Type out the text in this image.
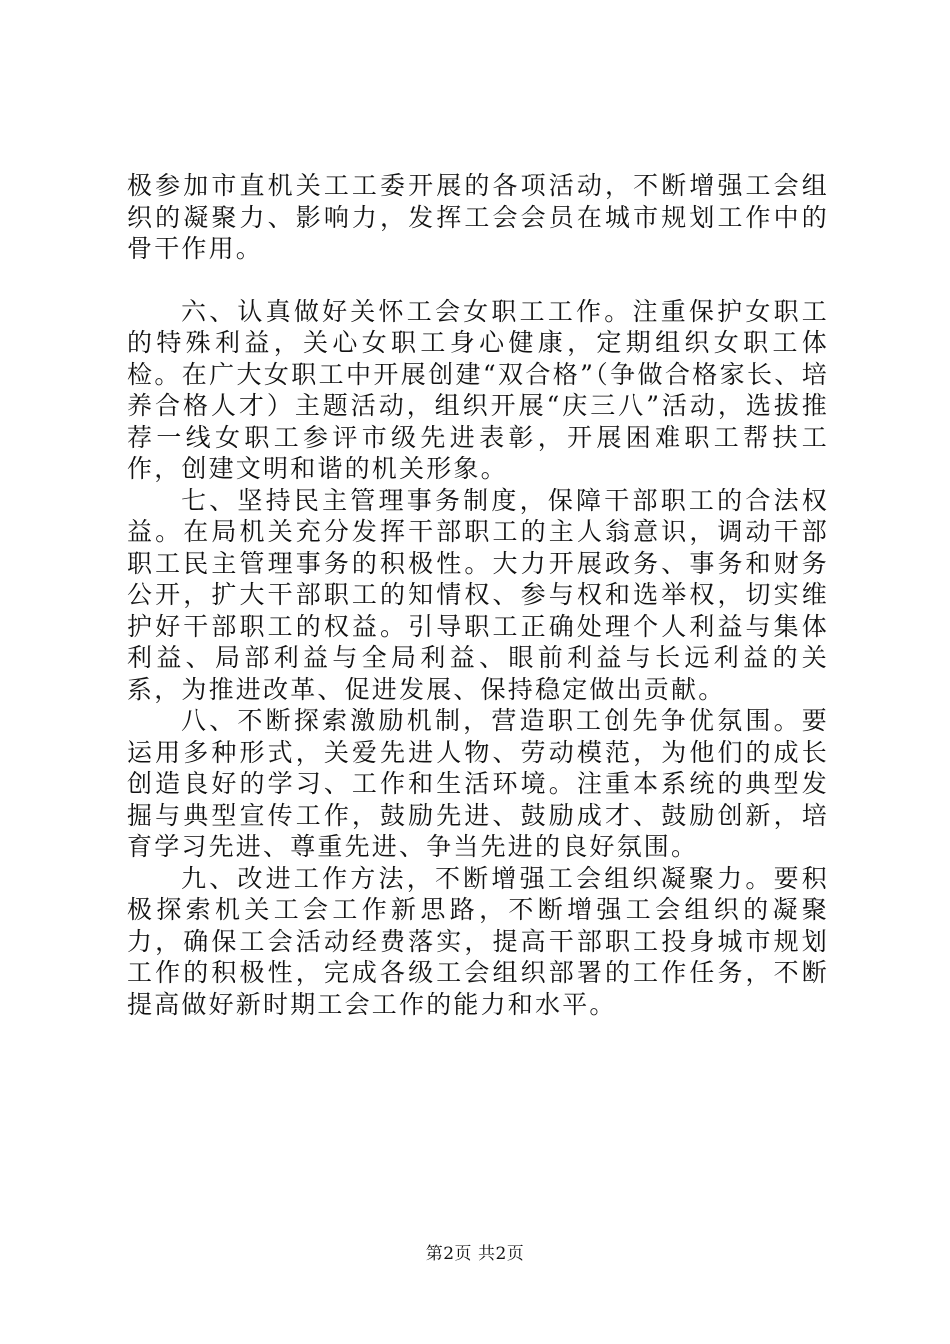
极参加市直机关工工委开展的各项活动，不断增强工会组织的凝聚力、影响力，发挥工会会员在城市规划工作中的骨干作用。

六、认真做好关怀工会女职工工作。注重保护女职工的特殊利益，关心女职工身心健康，定期组织女职工体检。在广大女职工中开展创建“双合格”（争做合格家长、培养合格人才）主题活动，组织开展“庆三八”活动，选拔推荐一线女职工参评市级先进表彰，开展困难职工帮扶工作，创建文明和谐的机关形象。

七、坚持民主管理事务制度，保障干部职工的合法权益。在局机关充分发挥干部职工的主人翁意识，调动干部职工民主管理事务的积极性。大力开展政务、事务和财务公开，扩大干部职工的知情权、参与权和选举权，切实维护好干部职工的权益。引导职工正确处理个人利益与集体利益、局部利益与全局利益、眼前利益与长远利益的关系，为推进改革、促进发展、保持稳定做出贡献。

八、不断探索激励机制，营造职工创先争优氛围。要运用多种形式，关爱先进人物、劳动模范，为他们的成长创造良好的学习、工作和生活环境。注重本系统的典型发掘与典型宣传工作，鼓励先进、鼓励成才、鼓励创新，培育学习先进、尊重先进、争当先进的良好氛围。

九、改进工作方法，不断增强工会组织凝聚力。要积极探索机关工会工作新思路，不断增强工会组织的凝聚力，确保工会活动经费落实，提高干部职工投身城市规划工作的积极性，完成各级工会组织部署的工作任务，不断提高做好新时期工会工作的能力和水平。

第2页 共2页
